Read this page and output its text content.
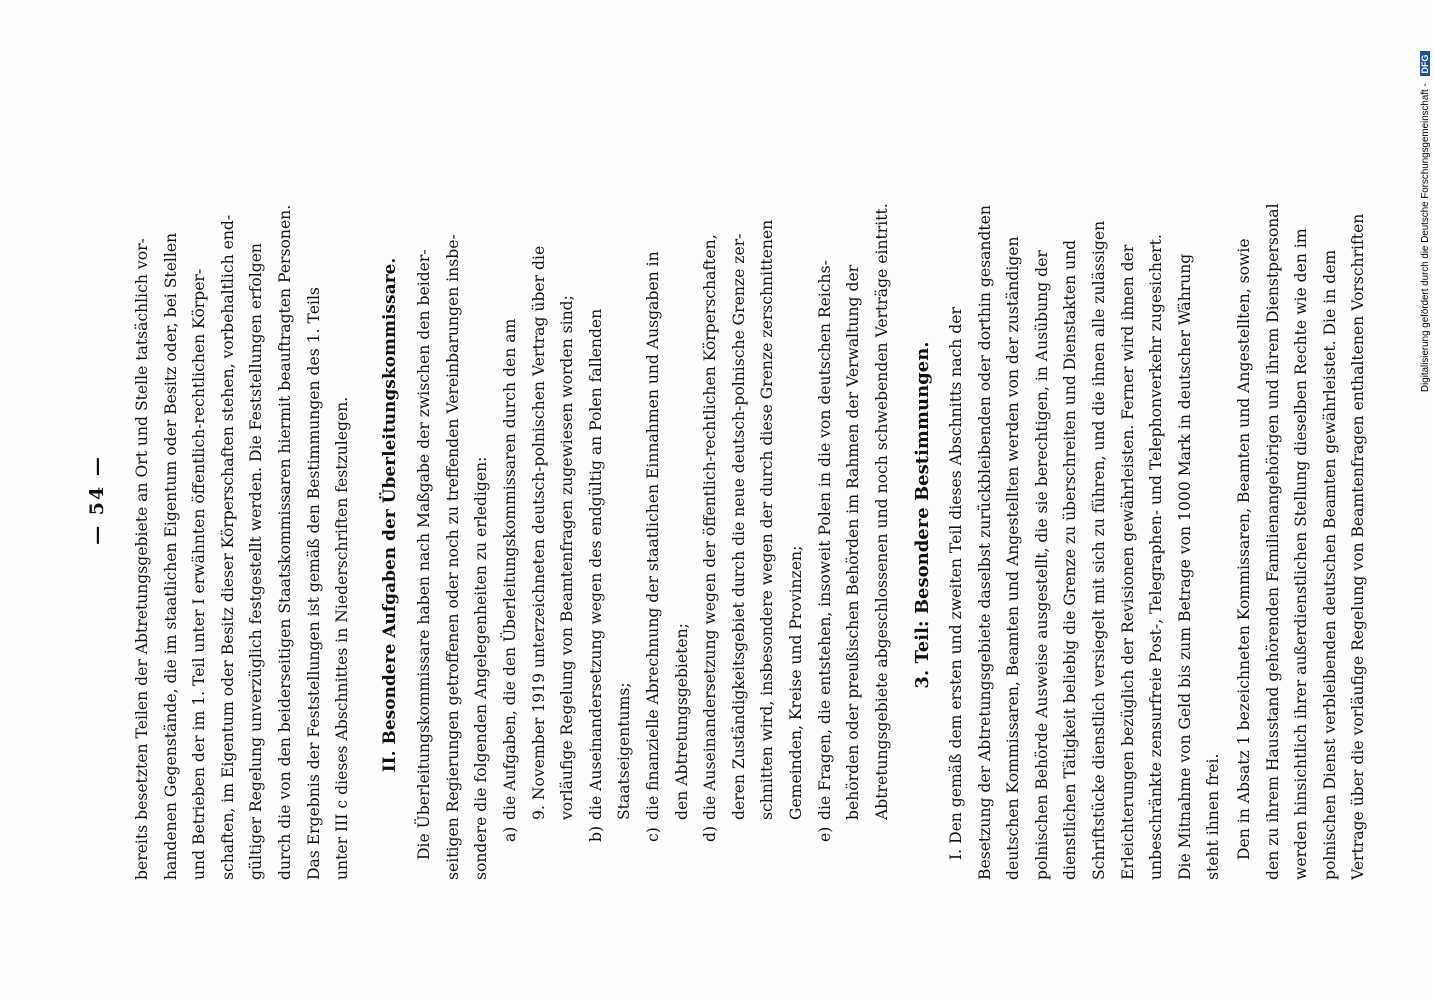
— 54 —	bereits besetzten Teilen der Abtretungsgebiete an Ort und Stelle tatsächlich vor- handenen Gegenstände, die im staatlichen Eigentum oder Besitz oder, bei Stellen und Betrieben der im 1. Teil unter I erwähnten öffentlich-rechtlichen Körper- schaften, im Eigentum oder Besitz dieser Körperschaften stehen, vorbehaltlich end- gültiger Regelung unverzüglich festgestellt werden. Die Feststellungen erfolgen durch die von den beiderseitigen Staatskommissaren hiermit beauftragten Personen. Das Ergebnis der Feststellungen ist gemäß den Bestimmungen des 1. Teils unter III c dieses Abschnittes in Niederschriften festzulegen.	II. Besondere Aufgaben der Überleitungskommissare. Die Überleitungskommissare haben nach Maßgabe der zwischen den beider- seitigen Regierungen getroffenen oder noch zu treffenden Vereinbarungen insbe- sondere die folgenden Angelegenheiten zu erledigen: a)
die Aufgaben, die den Überleitungskommissaren durch den am 9. November 1919 unterzeichneten deutsch-polnischen Vertrag über die vorläufige Regelung von Beamtenfragen zugewiesen worden sind;
b)
die Auseinandersetzung wegen des endgültig an Polen fallenden Staatseigentums;
c)
die finanzielle Abrechnung der staatlichen Einnahmen und Ausgaben in den Abtretungsgebieten;
d)
die Auseinandersetzung wegen der öffentlich-rechtlichen Körperschaften, deren Zuständigkeitsgebiet durch die neue deutsch-polnische Grenze zer- schnitten wird, insbesondere wegen der durch diese Grenze zerschnittenen Gemeinden, Kreise und Provinzen;
e)
die Fragen, die entstehen, insoweit Polen in die von deutschen Reichs- behörden oder preußischen Behörden im Rahmen der Verwaltung der Abtretungsgebiete abgeschlossenen und noch schwebenden Verträge eintritt.	3. Teil: Besondere Bestimmungen. I. Den gemäß dem ersten und zweiten Teil dieses Abschnitts nach der Besetzung der Abtretungsgebiete daselbst zurückbleibenden oder dorthin gesandten deutschen Kommissaren, Beamten und Angestellten werden von der zuständigen polnischen Behörde Ausweise ausgestellt, die sie berechtigen, in Ausübung der dienstlichen Tätigkeit beliebig die Grenze zu überschreiten und Dienstakten und Schriftstücke dienstlich versiegelt mit sich zu führen, und die ihnen alle zulässigen Erleichterungen bezüglich der Revisionen gewährleisten. Ferner wird ihnen der unbeschränkte zensurfreie Post-, Telegraphen- und Telephonverkehr zugesichert. Die Mitnahme von Geld bis zum Betrage von 1000 Mark in deutscher Währung steht ihnen frei. Den in Absatz 1 bezeichneten Kommissaren, Beamten und Angestellten, sowie den zu ihrem Hausstand gehörenden Familienangehörigen und ihrem Dienstpersonal werden hinsichtlich ihrer außerdienstlichen Stellung dieselben Rechte wie den im polnischen Dienst verbleibenden deutschen Beamten gewährleistet. Die in dem Vertrage über die vorläufige Regelung von Beamtenfragen enthaltenen Vorschriften	Digitalisierung gefördert durch die Deutsche Forschungsgemeinschaft - DFG
